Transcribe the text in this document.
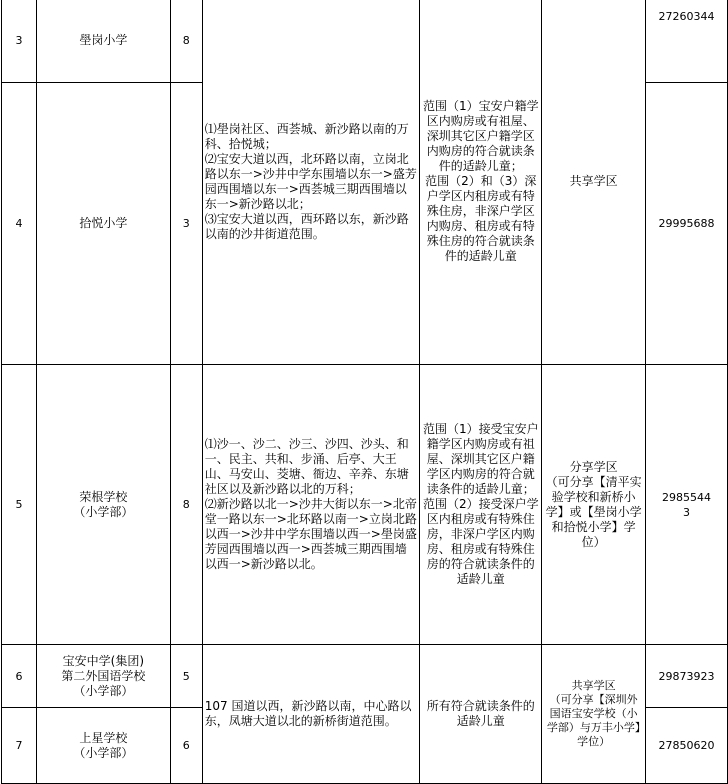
3	壆岗小学	8	⑴壆岗社区、西荟城、新沙路以南的万科、拾悦城；
⑵宝安大道以西，北环路以南，立岗北路以东一>沙井中学东围墙以东一>盛芳园西围墙以东一>西荟城三期西围墙以东一>新沙路以北；
⑶宝安大道以西，西环路以东，新沙路以南的沙井街道范围。	范围（1）宝安户籍学区内购房或有祖屋、深圳其它区户籍学区内购房的符合就读条件的适龄儿童；
范围（2）和（3）深户学区内租房或有特殊住房，非深户学区内购房、租房或有特殊住房的符合就读条件的适龄儿童	共享学区	27260344
4	拾悦小学	3				29995688
5	荣根学校
（小学部）	8	⑴沙一、沙二、沙三、沙四、沙头、和一、民主、共和、步涌、后亭、大王山、马安山、茭塘、衙边、辛养、东塘社区以及新沙路以北的万科；
⑵新沙路以北一>沙井大街以东一>北帝堂一路以东一>北环路以南一>立岗北路以西一>沙井中学东围墙以西一>壆岗盛芳园西围墙以西一>西荟城三期西围墙以西一>新沙路以北。	范围（1）接受宝安户籍学区内购房或有祖屋、深圳其它区户籍学区内购房的符合就读条件的适龄儿童；
范围（2）接受深户学区内租房或有特殊住房，非深户学区内购房、租房或有特殊住房的符合就读条件的适龄儿童	分享学区
（可分享【清平实验学校和新桥小学】或【壆岗小学和拾悦小学】学位）	2985544
3
6	宝安中学(集团)
第二外国语学校
（小学部）	5	107 国道以西，新沙路以南，中心路以东，凤塘大道以北的新桥街道范围。	所有符合就读条件的适龄儿童	共享学区
（可分享【深圳外国语宝安学校（小学部）与万丰小学】学位）	29873923
7	上星学校
（小学部）	6				27850620
